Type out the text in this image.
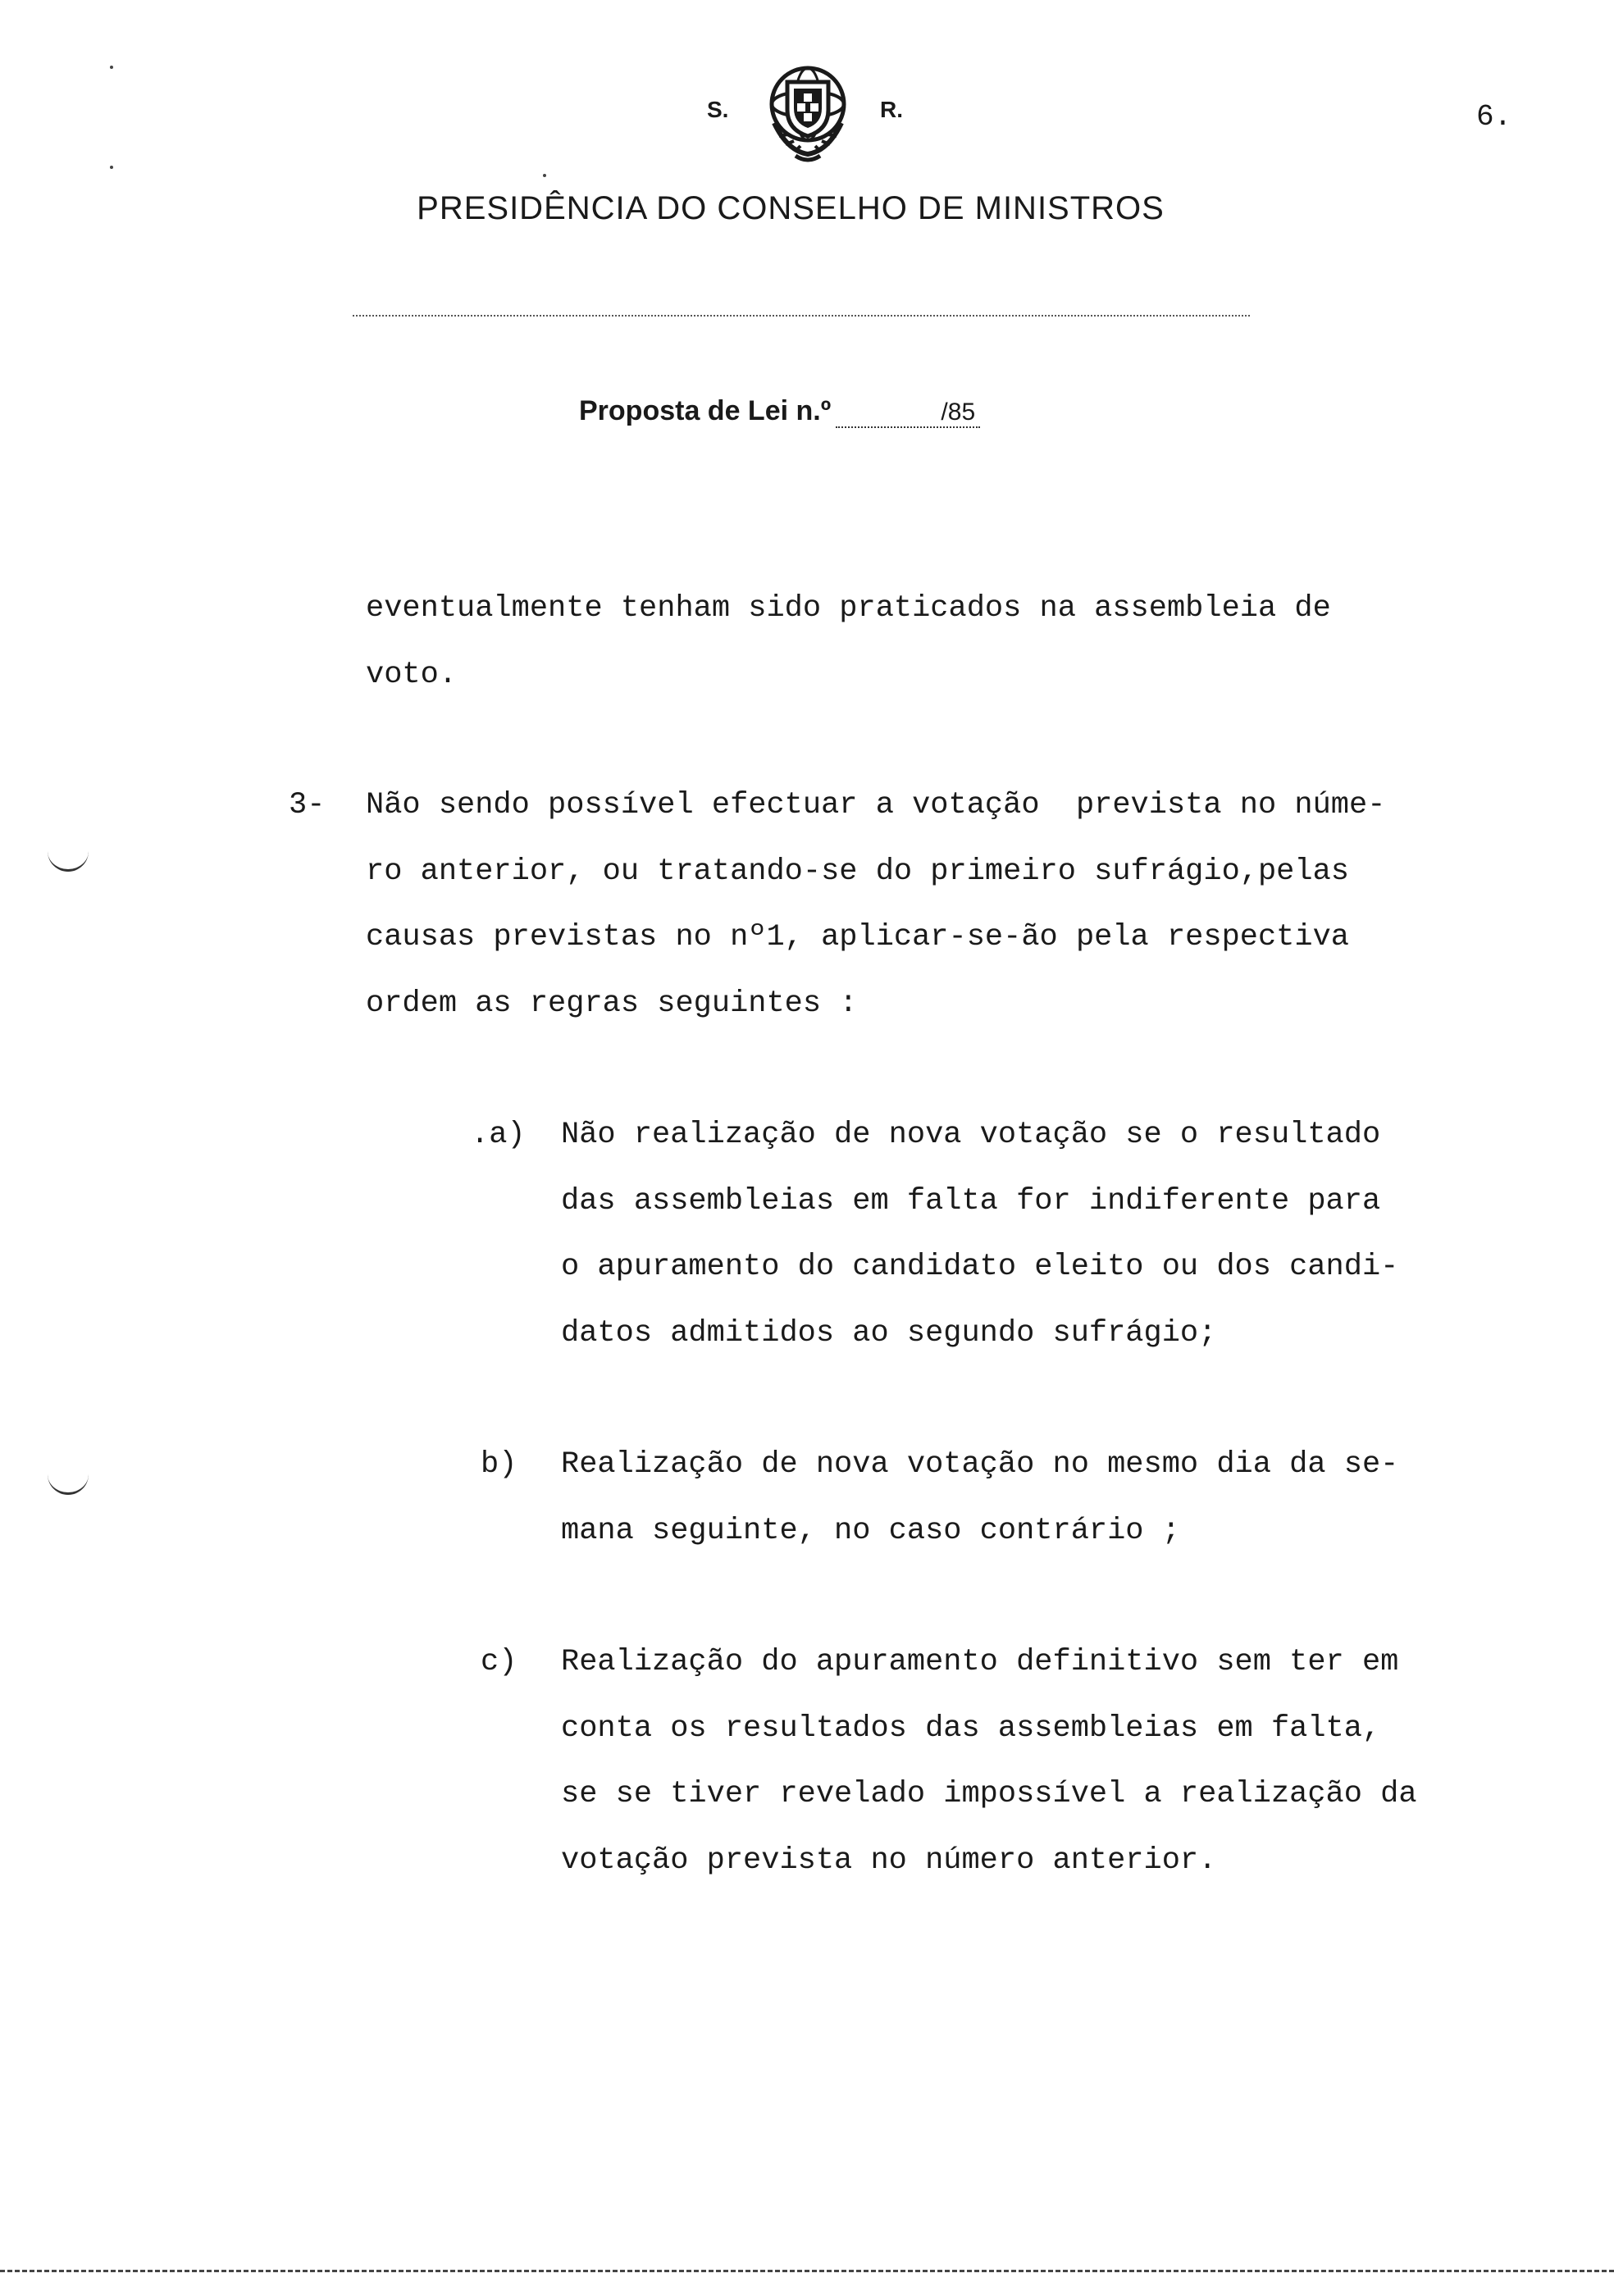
S.	R.	6.
PRESIDÊNCIA DO CONSELHO DE MINISTROS
Proposta de Lei n.º	/85
eventualmente tenham sido praticados na assembleia de
voto.
3- Não sendo possível efectuar a votação  prevista no núme-
ro anterior, ou tratando-se do primeiro sufrágio,pelas
causas previstas no nº1, aplicar-se-ão pela respectiva
ordem as regras seguintes :
.a) Não realização de nova votação se o resultado
das assembleias em falta for indiferente para
o apuramento do candidato eleito ou dos candi-
datos admitidos ao segundo sufrágio;
b) Realização de nova votação no mesmo dia da se-
mana seguinte, no caso contrário ;
c) Realização do apuramento definitivo sem ter em
conta os resultados das assembleias em falta,
se se tiver revelado impossível a realização da
votação prevista no número anterior.
